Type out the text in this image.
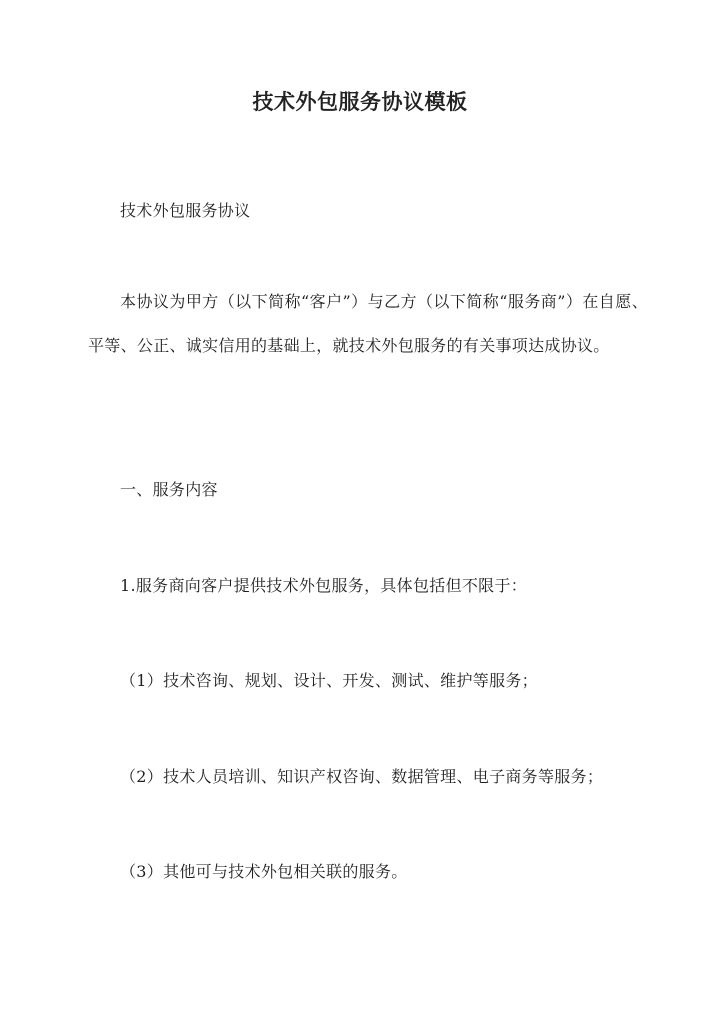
技术外包服务协议模板
技术外包服务协议
本协议为甲方（以下简称“客户”）与乙方（以下简称“服务商”）在自愿、平等、公正、诚实信用的基础上，就技术外包服务的有关事项达成协议。
一、服务内容
1.服务商向客户提供技术外包服务，具体包括但不限于：
（1）技术咨询、规划、设计、开发、测试、维护等服务；
（2）技术人员培训、知识产权咨询、数据管理、电子商务等服务；
（3）其他可与技术外包相关联的服务。
